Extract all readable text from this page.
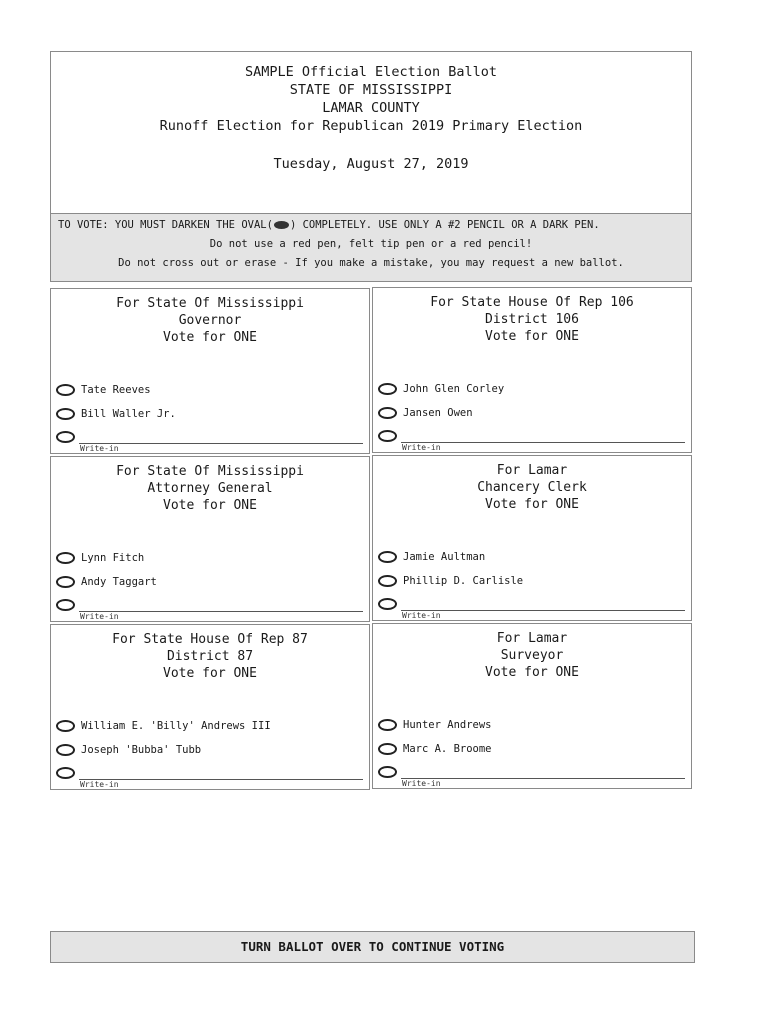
SAMPLE Official Election Ballot
STATE OF MISSISSIPPI
LAMAR COUNTY
Runoff Election for Republican 2019 Primary Election
Tuesday, August 27, 2019
TO VOTE: YOU MUST DARKEN THE OVAL( ) COMPLETELY. USE ONLY A #2 PENCIL OR A DARK PEN.
Do not use a red pen, felt tip pen or a red pencil!
Do not cross out or erase - If you make a mistake, you may request a new ballot.
For State Of Mississippi
Governor
Vote for ONE
Tate Reeves
Bill Waller Jr.
Write-in
For State House Of Rep 106
District 106
Vote for ONE
John Glen Corley
Jansen Owen
Write-in
For State Of Mississippi
Attorney General
Vote for ONE
Lynn Fitch
Andy Taggart
Write-in
For Lamar
Chancery Clerk
Vote for ONE
Jamie Aultman
Phillip D. Carlisle
Write-in
For State House Of Rep 87
District 87
Vote for ONE
William E. 'Billy' Andrews III
Joseph 'Bubba' Tubb
Write-in
For Lamar
Surveyor
Vote for ONE
Hunter Andrews
Marc A. Broome
Write-in
TURN BALLOT OVER TO CONTINUE VOTING
